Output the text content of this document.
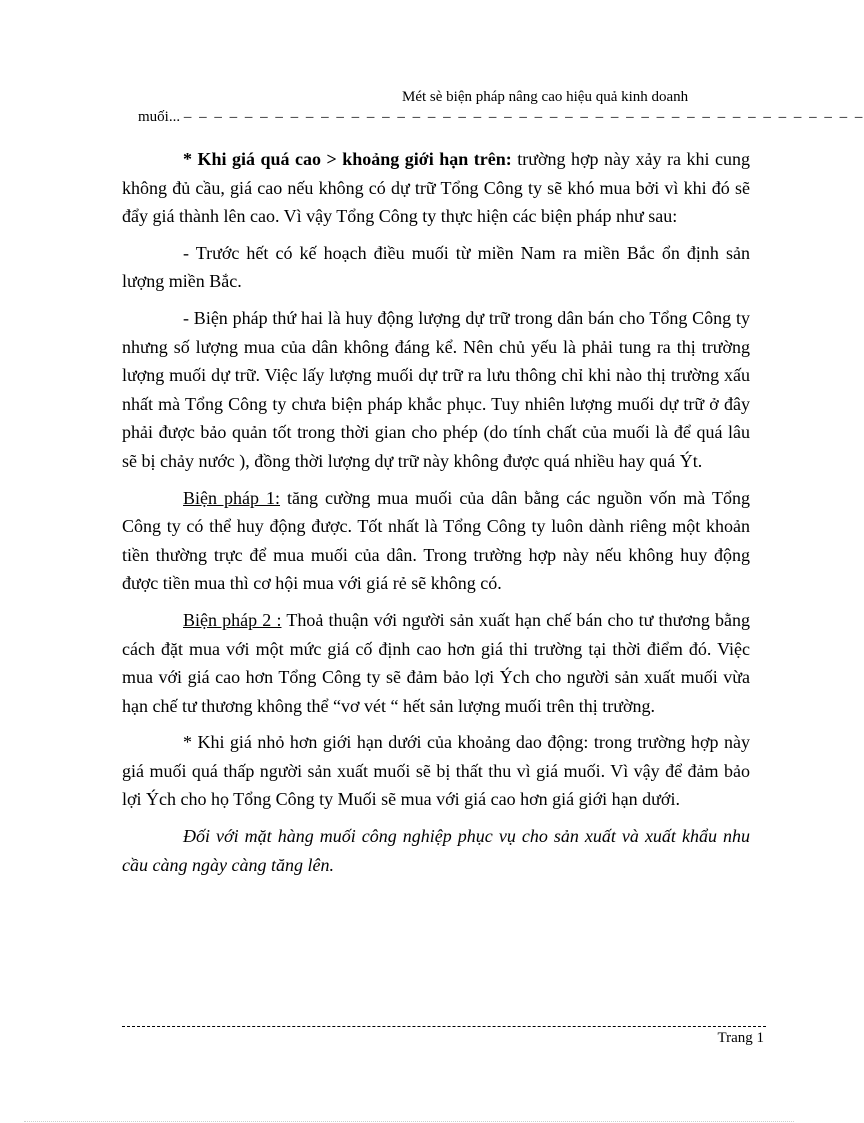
Mét sè biện pháp nâng cao hiệu quả kinh doanh
muối... – – – – – – – – – – – – – – – – – – – – – – – – – – – – – – – – – – – – – – – – – – – – –

* Khi giá quá cao > khoảng giới hạn trên: trường hợp này xảy ra khi cung không đủ cầu, giá cao nếu không có dự trữ Tổng Công ty sẽ khó mua bởi vì khi đó sẽ đẩy giá thành lên cao. Vì vậy Tổng Công ty thực hiện các biện pháp như sau:

- Trước hết có kế hoạch điều muối từ miền Nam ra miền Bắc ổn định sản lượng miền Bắc.

- Biện pháp thứ hai là huy động lượng dự trữ trong dân bán cho Tổng Công ty nhưng số lượng mua của dân không đáng kể. Nên chủ yếu là phải tung ra thị trường lượng muối dự trữ. Việc lấy lượng muối dự trữ ra lưu thông chỉ khi nào thị trường xấu nhất mà Tổng Công ty chưa biện pháp khắc phục. Tuy nhiên lượng muối dự trữ ở đây phải được bảo quản tốt trong thời gian cho phép (do tính chất của muối là để quá lâu sẽ bị chảy nước ), đồng thời lượng dự trữ này không được quá nhiều hay quá Ýt.

Biện pháp 1: tăng cường mua muối của dân bằng các nguồn vốn mà Tổng Công ty có thể huy động được. Tốt nhất là Tổng Công ty luôn dành riêng một khoản tiền thường trực để mua muối của dân. Trong trường hợp này nếu không huy động được tiền mua thì cơ hội mua với giá rẻ sẽ không có.

Biện pháp 2 : Thoả thuận với người sản xuất hạn chế bán cho tư thương bằng cách đặt mua với một mức giá cố định cao hơn giá thi trường tại thời điểm đó. Việc mua với giá cao hơn Tổng Công ty sẽ đảm bảo lợi Ých cho người sản xuất muối vừa hạn chế tư thương không thể “vơ vét “ hết sản lượng muối trên thị trường.

* Khi giá nhỏ hơn giới hạn dưới của khoảng dao động: trong trường hợp này giá muối quá thấp người sản xuất muối sẽ bị thất thu vì giá muối. Vì vậy để đảm bảo lợi Ých cho họ Tổng Công ty Muối sẽ mua với giá cao hơn giá giới hạn dưới.

Đối với mặt hàng muối công nghiệp phục vụ cho sản xuất và xuất khẩu nhu cầu càng ngày càng tăng lên.

Trang 1
